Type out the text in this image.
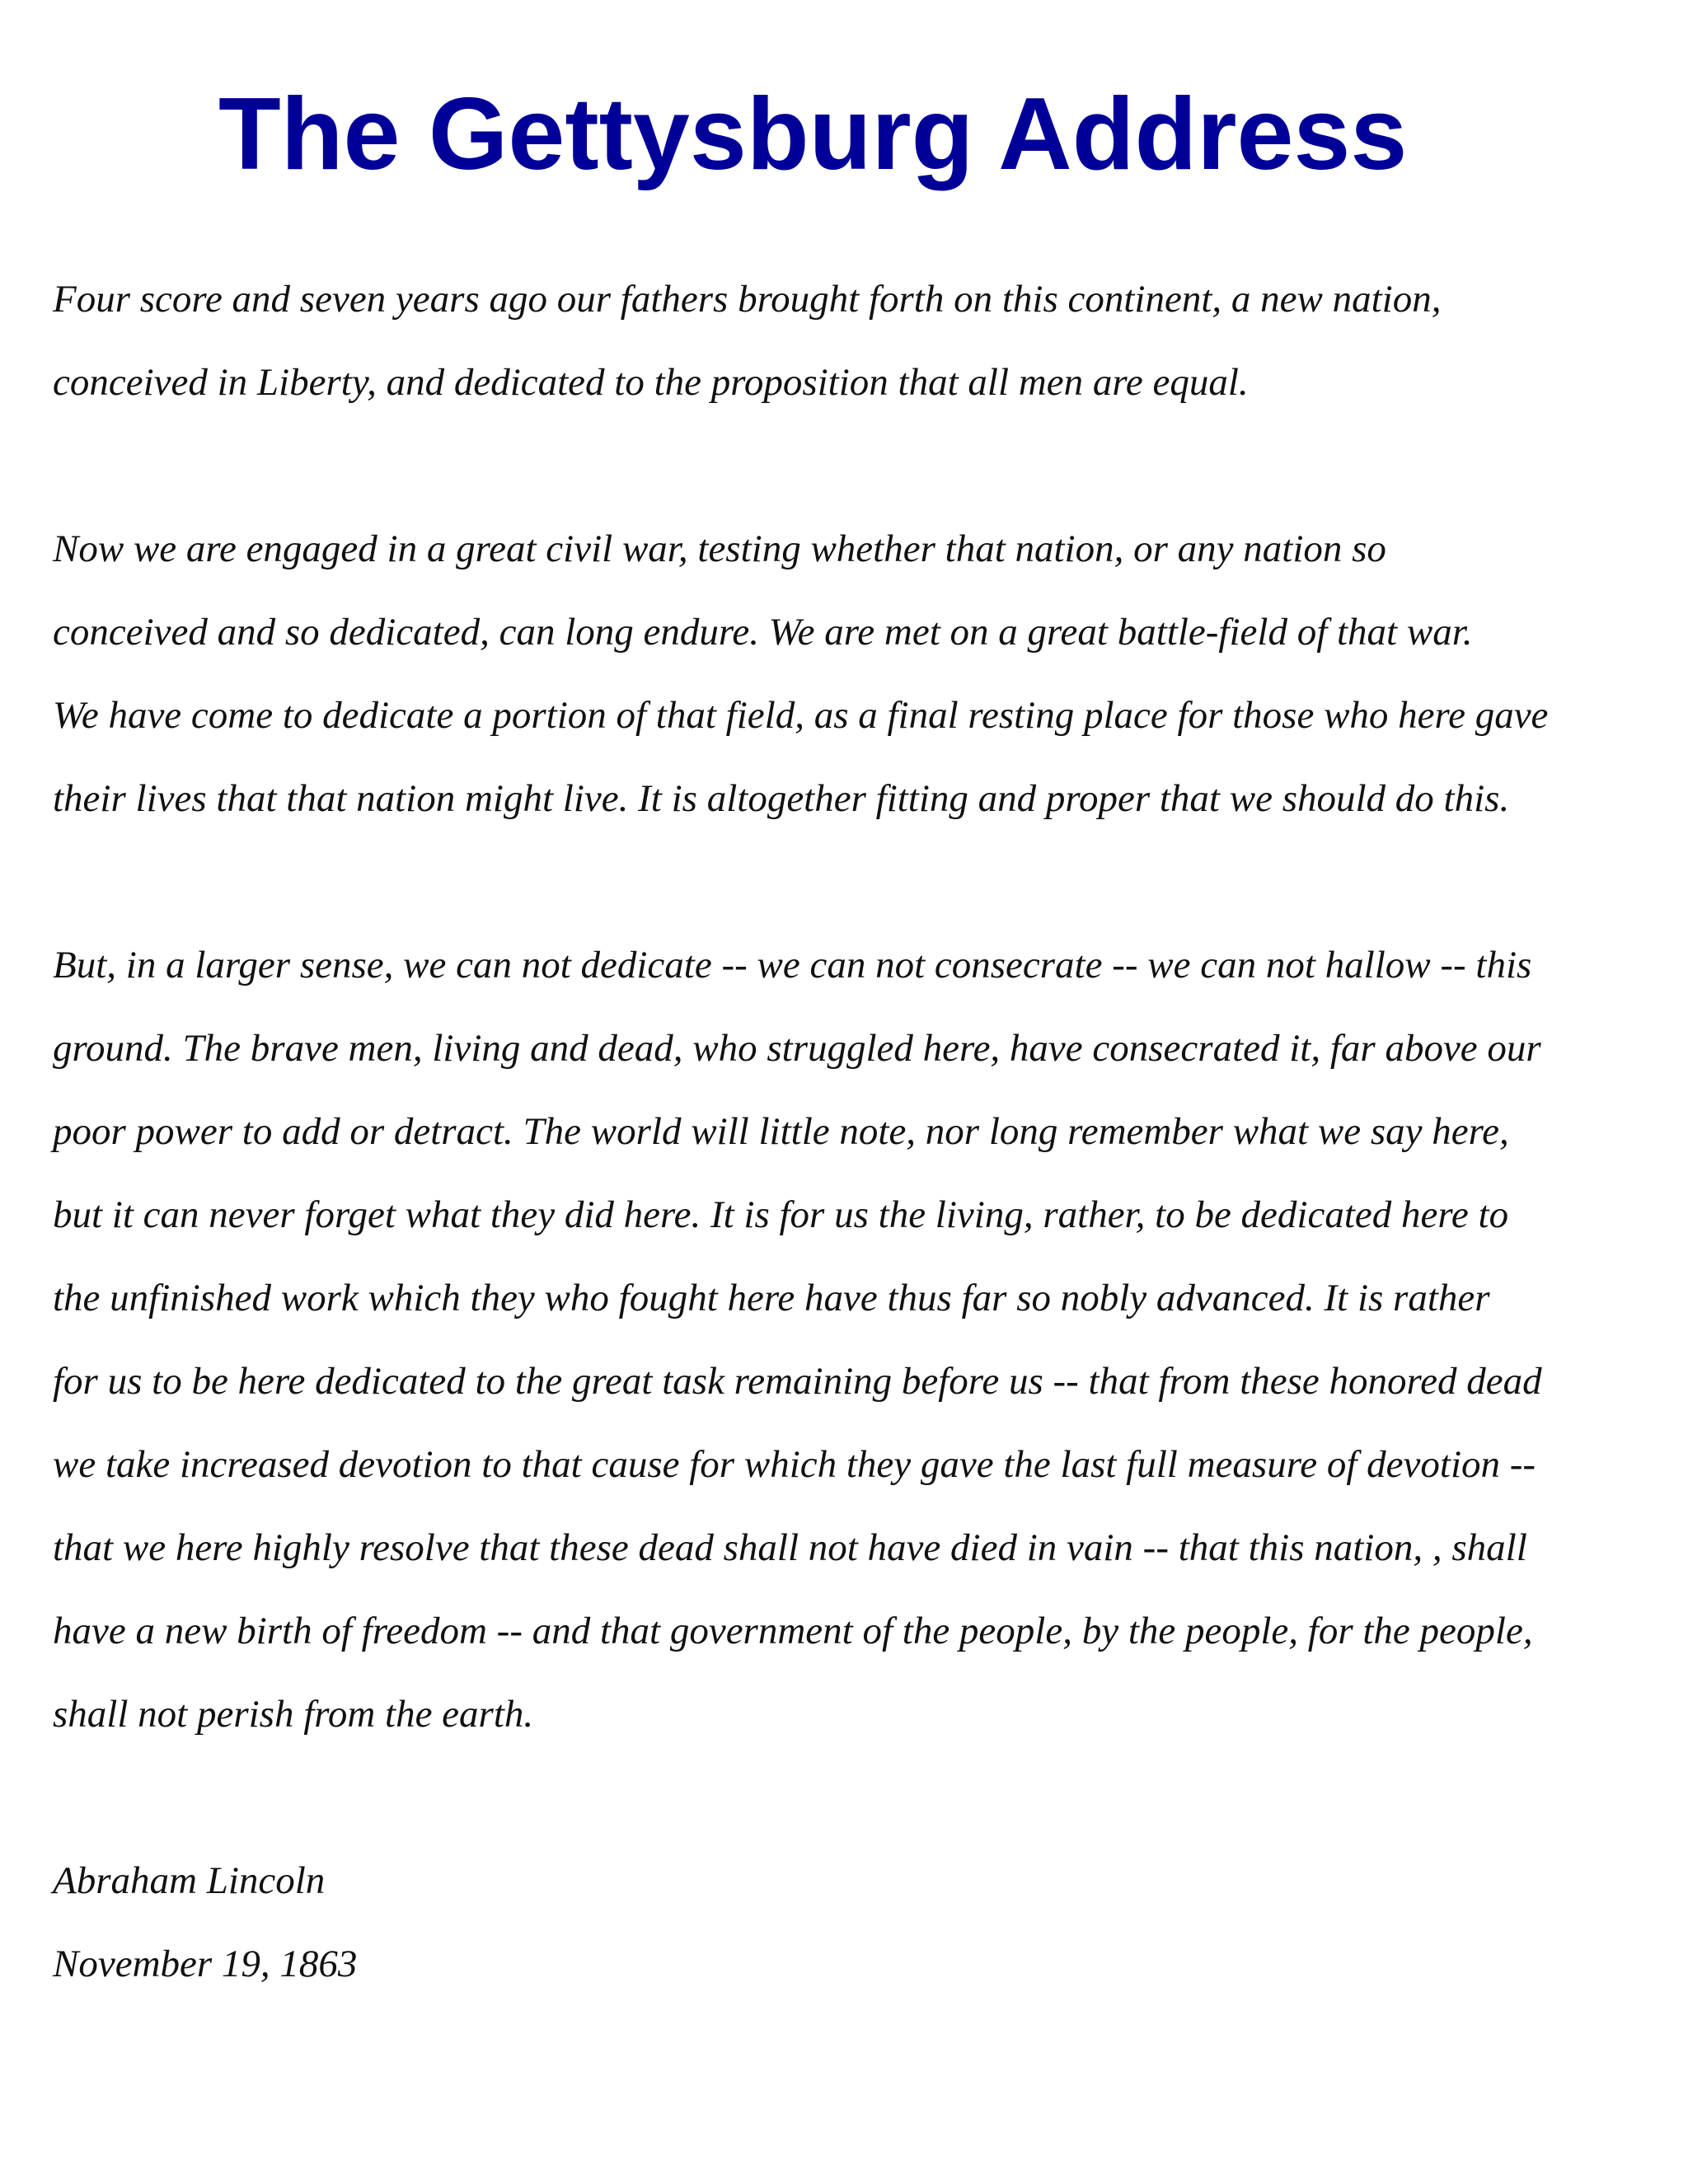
The Gettysburg Address

Four score and seven years ago our fathers brought forth on this continent, a new nation,
conceived in Liberty, and dedicated to the proposition that all men are equal.

Now we are engaged in a great civil war, testing whether that nation, or any nation so
conceived and so dedicated, can long endure. We are met on a great battle-field of that war.
We have come to dedicate a portion of that field, as a final resting place for those who here gave
their lives that that nation might live. It is altogether fitting and proper that we should do this.

But, in a larger sense, we can not dedicate -- we can not consecrate -- we can not hallow -- this
ground. The brave men, living and dead, who struggled here, have consecrated it, far above our
poor power to add or detract. The world will little note, nor long remember what we say here,
but it can never forget what they did here. It is for us the living, rather, to be dedicated here to
the unfinished work which they who fought here have thus far so nobly advanced. It is rather
for us to be here dedicated to the great task remaining before us -- that from these honored dead
we take increased devotion to that cause for which they gave the last full measure of devotion --
that we here highly resolve that these dead shall not have died in vain -- that this nation, , shall
have a new birth of freedom -- and that government of the people, by the people, for the people,
shall not perish from the earth.

Abraham Lincoln
November 19, 1863
